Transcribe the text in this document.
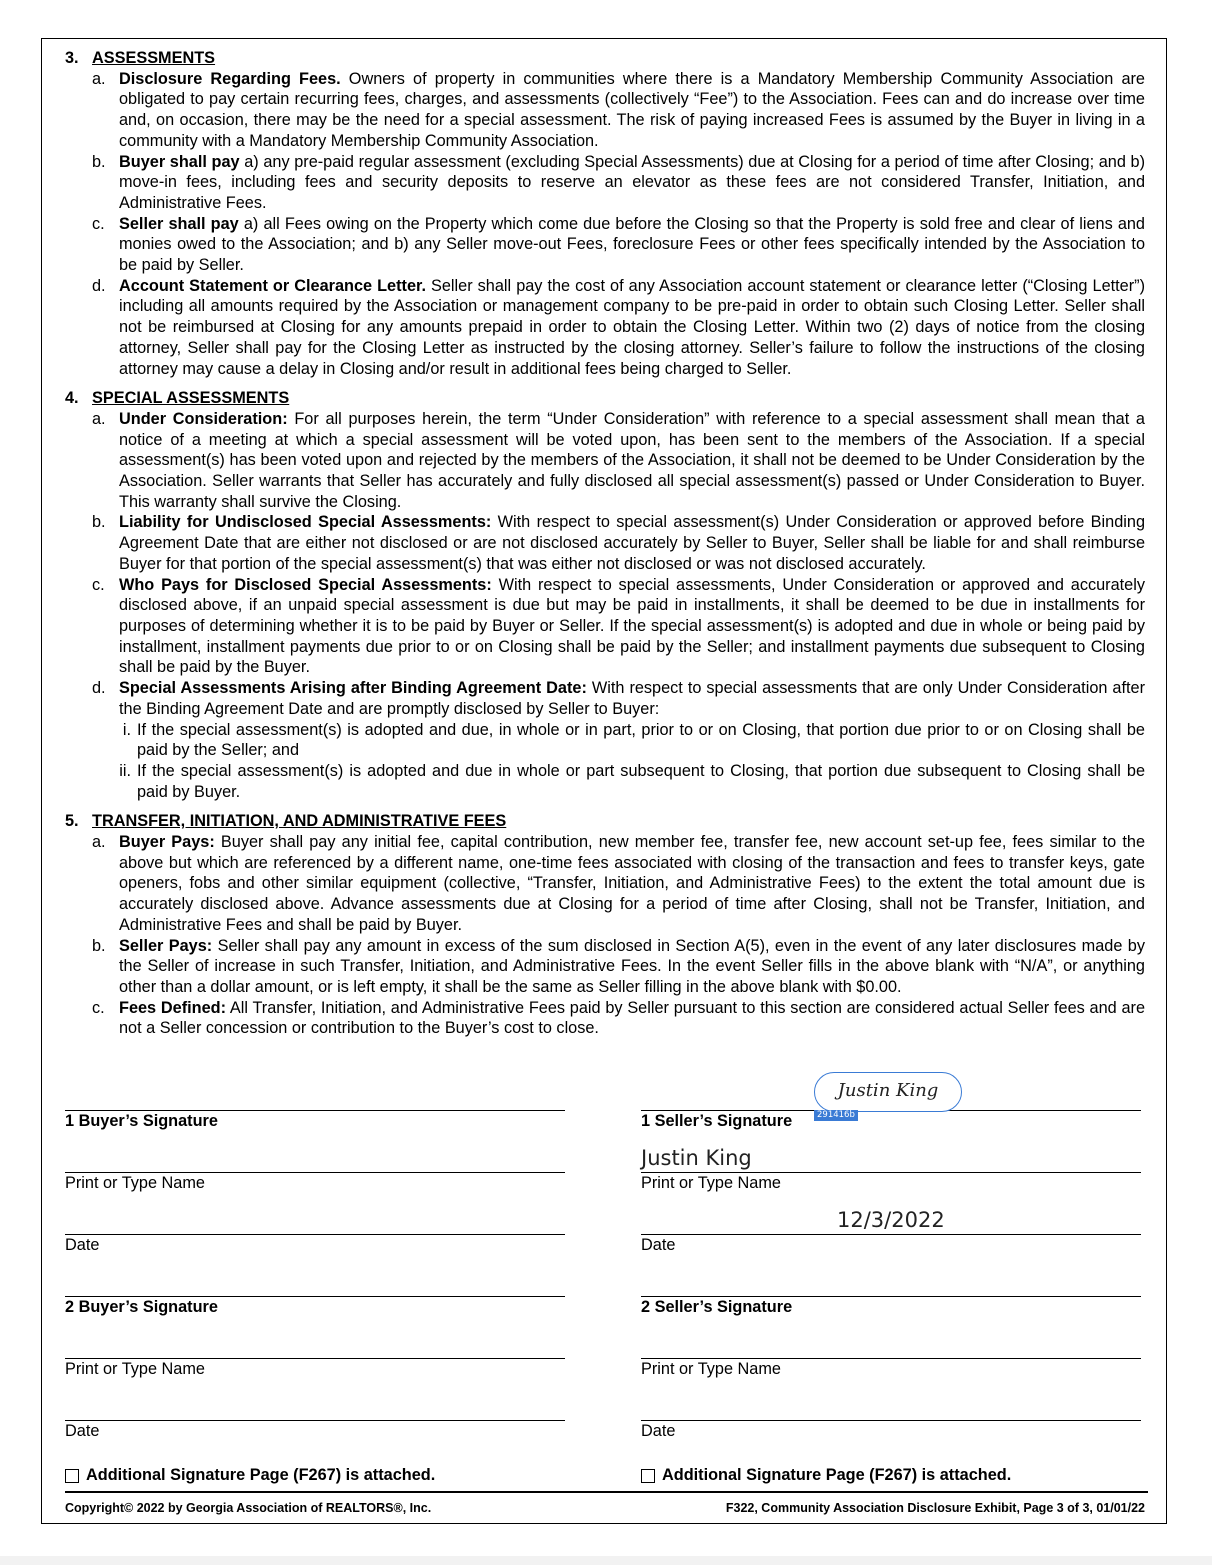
3. ASSESSMENTS
a. Disclosure Regarding Fees. Owners of property in communities where there is a Mandatory Membership Community Association are obligated to pay certain recurring fees, charges, and assessments (collectively “Fee”) to the Association. Fees can and do increase over time and, on occasion, there may be the need for a special assessment. The risk of paying increased Fees is assumed by the Buyer in living in a community with a Mandatory Membership Community Association.
b. Buyer shall pay a) any pre-paid regular assessment (excluding Special Assessments) due at Closing for a period of time after Closing; and b) move-in fees, including fees and security deposits to reserve an elevator as these fees are not considered Transfer, Initiation, and Administrative Fees.
c. Seller shall pay a) all Fees owing on the Property which come due before the Closing so that the Property is sold free and clear of liens and monies owed to the Association; and b) any Seller move-out Fees, foreclosure Fees or other fees specifically intended by the Association to be paid by Seller.
d. Account Statement or Clearance Letter. Seller shall pay the cost of any Association account statement or clearance letter (“Closing Letter”) including all amounts required by the Association or management company to be pre-paid in order to obtain such Closing Letter. Seller shall not be reimbursed at Closing for any amounts prepaid in order to obtain the Closing Letter. Within two (2) days of notice from the closing attorney, Seller shall pay for the Closing Letter as instructed by the closing attorney. Seller’s failure to follow the instructions of the closing attorney may cause a delay in Closing and/or result in additional fees being charged to Seller.
4. SPECIAL ASSESSMENTS
a. Under Consideration: For all purposes herein, the term “Under Consideration” with reference to a special assessment shall mean that a notice of a meeting at which a special assessment will be voted upon, has been sent to the members of the Association. If a special assessment(s) has been voted upon and rejected by the members of the Association, it shall not be deemed to be Under Consideration by the Association. Seller warrants that Seller has accurately and fully disclosed all special assessment(s) passed or Under Consideration to Buyer. This warranty shall survive the Closing.
b. Liability for Undisclosed Special Assessments: With respect to special assessment(s) Under Consideration or approved before Binding Agreement Date that are either not disclosed or are not disclosed accurately by Seller to Buyer, Seller shall be liable for and shall reimburse Buyer for that portion of the special assessment(s) that was either not disclosed or was not disclosed accurately.
c. Who Pays for Disclosed Special Assessments: With respect to special assessments, Under Consideration or approved and accurately disclosed above, if an unpaid special assessment is due but may be paid in installments, it shall be deemed to be due in installments for purposes of determining whether it is to be paid by Buyer or Seller. If the special assessment(s) is adopted and due in whole or being paid by installment, installment payments due prior to or on Closing shall be paid by the Seller; and installment payments due subsequent to Closing shall be paid by the Buyer.
d. Special Assessments Arising after Binding Agreement Date: With respect to special assessments that are only Under Consideration after the Binding Agreement Date and are promptly disclosed by Seller to Buyer:
i. If the special assessment(s) is adopted and due, in whole or in part, prior to or on Closing, that portion due prior to or on Closing shall be paid by the Seller; and
ii. If the special assessment(s) is adopted and due in whole or part subsequent to Closing, that portion due subsequent to Closing shall be paid by Buyer.
5. TRANSFER, INITIATION, AND ADMINISTRATIVE FEES
a. Buyer Pays: Buyer shall pay any initial fee, capital contribution, new member fee, transfer fee, new account set-up fee, fees similar to the above but which are referenced by a different name, one-time fees associated with closing of the transaction and fees to transfer keys, gate openers, fobs and other similar equipment (collective, “Transfer, Initiation, and Administrative Fees) to the extent the total amount due is accurately disclosed above. Advance assessments due at Closing for a period of time after Closing, shall not be Transfer, Initiation, and Administrative Fees and shall be paid by Buyer.
b. Seller Pays: Seller shall pay any amount in excess of the sum disclosed in Section A(5), even in the event of any later disclosures made by the Seller of increase in such Transfer, Initiation, and Administrative Fees. In the event Seller fills in the above blank with “N/A”, or anything other than a dollar amount, or is left empty, it shall be the same as Seller filling in the above blank with $0.00.
c. Fees Defined: All Transfer, Initiation, and Administrative Fees paid by Seller pursuant to this section are considered actual Seller fees and are not a Seller concession or contribution to the Buyer’s cost to close.
1 Buyer’s Signature
Print or Type Name
Date
2 Buyer’s Signature
Print or Type Name
Date
Additional Signature Page (F267) is attached.
1 Seller’s Signature
Justin King
291416b
Print or Type Name
Justin King
Date
12/3/2022
2 Seller’s Signature
Print or Type Name
Date
Additional Signature Page (F267) is attached.
Copyright© 2022 by Georgia Association of REALTORS®, Inc.	F322, Community Association Disclosure Exhibit, Page 3 of 3, 01/01/22
